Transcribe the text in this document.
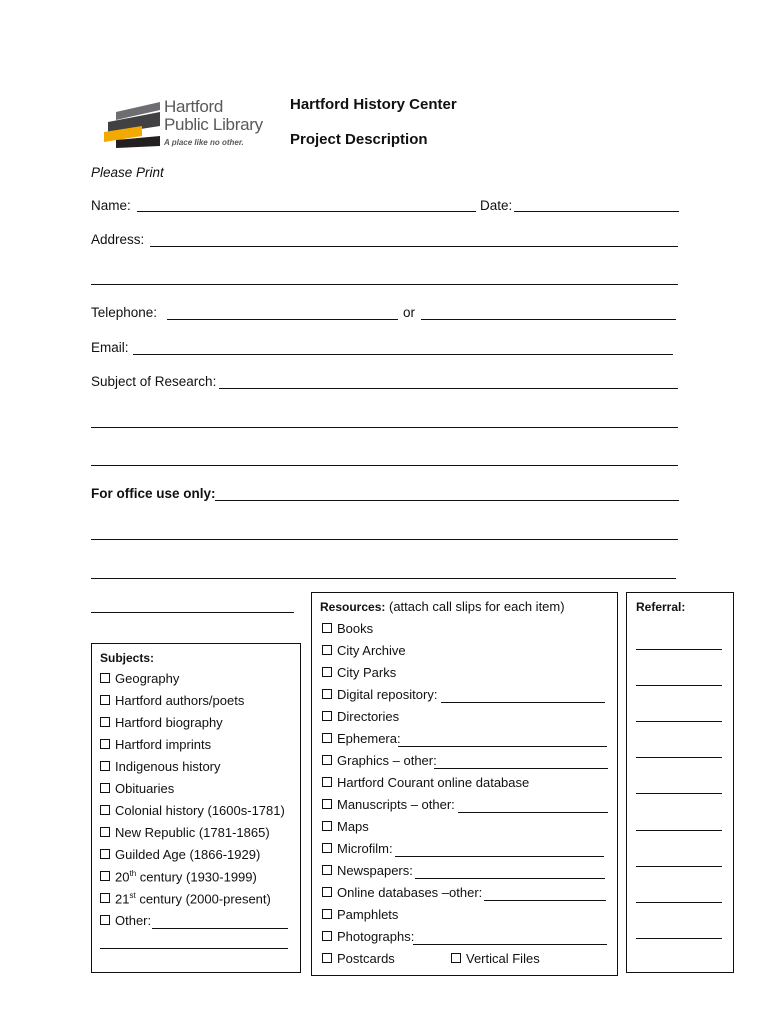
Hartford
Public Library
A place like no other.
Hartford History Center
Project Description
Please Print
Name:	Date:
Address:
Telephone:	or
Email:
Subject of Research:
For office use only:
Subjects:
Geography
Hartford authors/poets
Hartford biography
Hartford imprints
Indigenous history
Obituaries
Colonial history (1600s-1781)
New Republic (1781-1865)
Guilded Age (1866-1929)
20th century (1930-1999)
21st century (2000-present)
Other:
Resources: (attach call slips for each item)
Books
City Archive
City Parks
Digital repository:
Directories
Ephemera:
Graphics – other:
Hartford Courant online database
Manuscripts – other:
Maps
Microfilm:
Newspapers:
Online databases –other:
Pamphlets
Photographs:
Postcards	Vertical Files
Referral:
